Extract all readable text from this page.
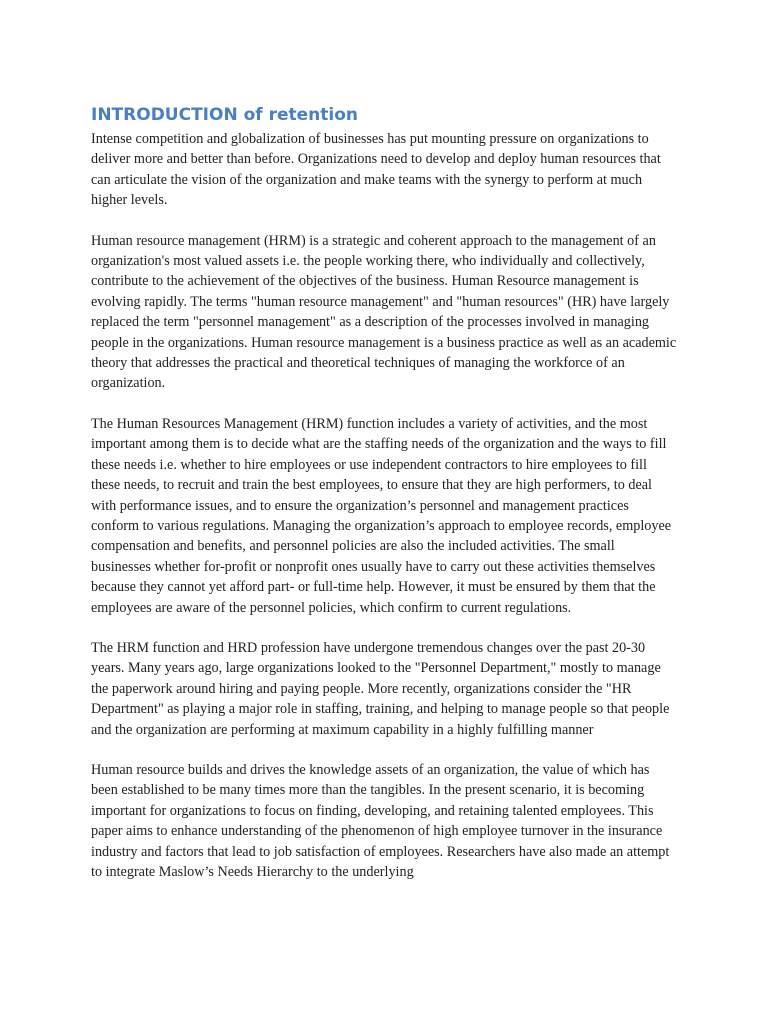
INTRODUCTION of retention

Intense competition and globalization of businesses has put mounting pressure on organizations to deliver more and better than before. Organizations need to develop and deploy human resources that can articulate the vision of the organization and make teams with the synergy to perform at much higher levels.

Human resource management (HRM) is a strategic and coherent approach to the management of an organization's most valued assets i.e. the people working there, who individually and collectively, contribute to the achievement of the objectives of the business. Human Resource management is evolving rapidly. The terms "human resource management" and "human resources" (HR) have largely replaced the term "personnel management" as a description of the processes involved in managing people in the organizations. Human resource management is a business practice as well as an academic theory that addresses the practical and theoretical techniques of managing the workforce of an organization.

The Human Resources Management (HRM) function includes a variety of activities, and the most important among them is to decide what are the staffing needs of the organization and the ways to fill these needs i.e. whether to hire employees or use independent contractors to hire employees to fill these needs, to recruit and train the best employees, to ensure that they are high performers, to deal with performance issues, and to ensure the organization’s personnel and management practices conform to various regulations. Managing the organization’s approach to employee records, employee compensation and benefits, and personnel policies are also the included activities. The small businesses whether for-profit or nonprofit ones usually have to carry out these activities themselves because they cannot yet afford part- or full-time help. However, it must be ensured by them that the employees are aware of the personnel policies, which confirm to current regulations.

The HRM function and HRD profession have undergone tremendous changes over the past 20-30 years. Many years ago, large organizations looked to the "Personnel Department," mostly to manage the paperwork around hiring and paying people. More recently, organizations consider the "HR Department" as playing a major role in staffing, training, and helping to manage people so that people and the organization are performing at maximum capability in a highly fulfilling manner

Human resource builds and drives the knowledge assets of an organization, the value of which has been established to be many times more than the tangibles. In the present scenario, it is becoming important for organizations to focus on finding, developing, and retaining talented employees. This paper aims to enhance understanding of the phenomenon of high employee turnover in the insurance industry and factors that lead to job satisfaction of employees. Researchers have also made an attempt to integrate Maslow’s Needs Hierarchy to the underlying
